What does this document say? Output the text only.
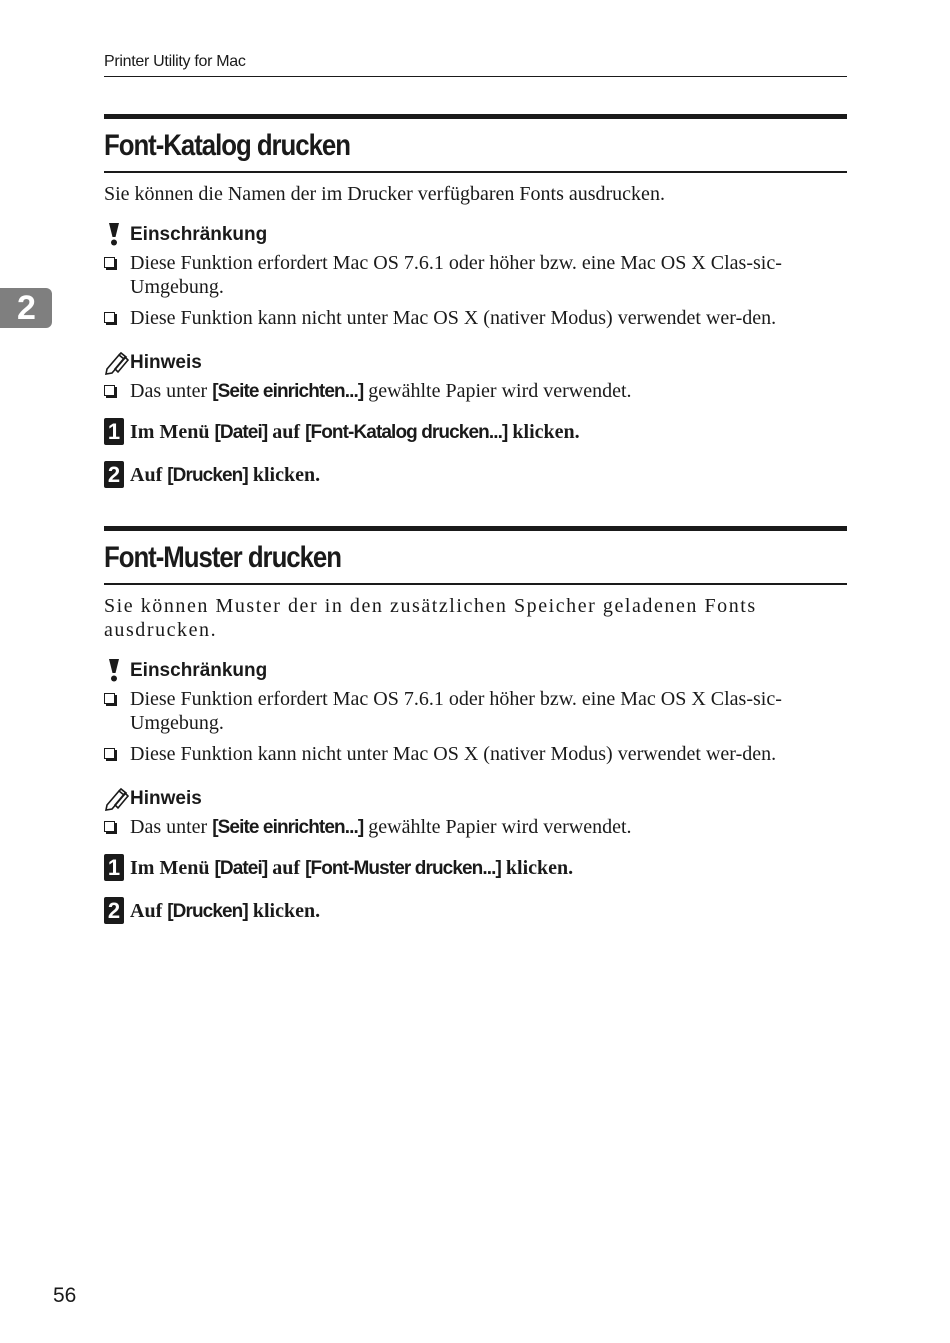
Printer Utility for Mac
2
Font-Katalog drucken
Sie können die Namen der im Drucker verfügbaren Fonts ausdrucken.
Einschränkung
Diese Funktion erfordert Mac OS 7.6.1 oder höher bzw. eine Mac OS X Clas-sic-Umgebung.
Diese Funktion kann nicht unter Mac OS X (nativer Modus) verwendet wer-den.
Hinweis
Das unter [Seite einrichten...] gewählte Papier wird verwendet.
1 Im Menü [Datei] auf [Font-Katalog drucken...] klicken.
2 Auf [Drucken] klicken.
Font-Muster drucken
Sie können Muster der in den zusätzlichen Speicher geladenen Fonts ausdrucken.
Einschränkung
Diese Funktion erfordert Mac OS 7.6.1 oder höher bzw. eine Mac OS X Clas-sic-Umgebung.
Diese Funktion kann nicht unter Mac OS X (nativer Modus) verwendet wer-den.
Hinweis
Das unter [Seite einrichten...] gewählte Papier wird verwendet.
1 Im Menü [Datei] auf [Font-Muster drucken...] klicken.
2 Auf [Drucken] klicken.
56
